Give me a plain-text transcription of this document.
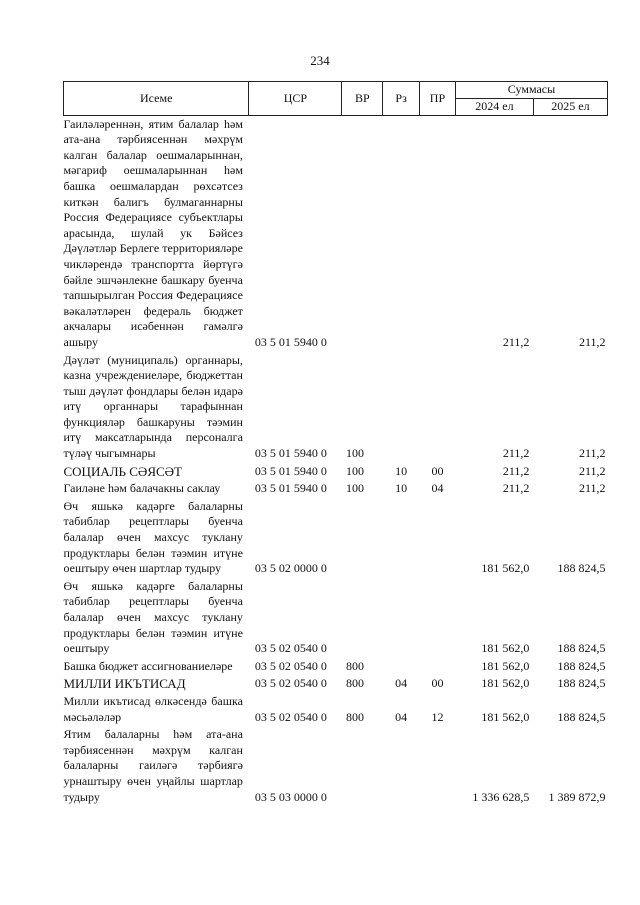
234
Исеме	ЦСР	ВР	Рз	ПР	Суммасы	
					2024 ел	2025 ел
Гаиләләреннән, ятим балалар һәм ата-ана тәрбиясеннән мәхрүм калган балалар оешмаларыннан, мәгариф оешмаларыннан һәм башка оешмалардан рөхсәтсез киткән балигъ булмаганнарны Россия Федерациясе субъектлары арасында, шулай ук Бәйсез Дәүләтләр Берлеге территорияләре чикләрендә транспортта йөртүгә бәйле эшчәнлекне башкару буенча тапшырылган Россия Федерациясе вәкаләтләрен федераль бюджет акчалары исәбеннән гамәлгә ашыру	03 5 01 5940 0				211,2	211,2
Дәүләт (муниципаль) органнары, казна учреждениеләре, бюджеттан тыш дәүләт фондлары белән идарә итү органнары тарафыннан функцияләр башкаруны тәэмин итү максатларында персоналга түләү чыгымнары	03 5 01 5940 0	100			211,2	211,2
СОЦИАЛЬ СӘЯСӘТ	03 5 01 5940 0	100	10	00	211,2	211,2
Гаиләне һәм балачакны саклау	03 5 01 5940 0	100	10	04	211,2	211,2
Өч яшькә кадәрге балаларны табиблар рецептлары буенча балалар өчен махсус туклану продуктлары белән тәэмин итүне оештыру өчен шартлар тудыру	03 5 02 0000 0				181 562,0	188 824,5
Өч яшькә кадәрге балаларны табиблар рецептлары буенча балалар өчен махсус туклану продуктлары белән тәэмин итүне оештыру	03 5 02 0540 0				181 562,0	188 824,5
Башка бюджет ассигнованиеләре	03 5 02 0540 0	800			181 562,0	188 824,5
МИЛЛИ ИКЪТИСАД	03 5 02 0540 0	800	04	00	181 562,0	188 824,5
Милли икътисад өлкәсендә башка мәсьәләләр	03 5 02 0540 0	800	04	12	181 562,0	188 824,5
Ятим балаларны һәм ата-ана тәрбиясеннән мәхрүм калган балаларны гаиләгә тәрбиягә урнаштыру өчен уңайлы шартлар тудыру	03 5 03 0000 0				1 336 628,5	1 389 872,9
